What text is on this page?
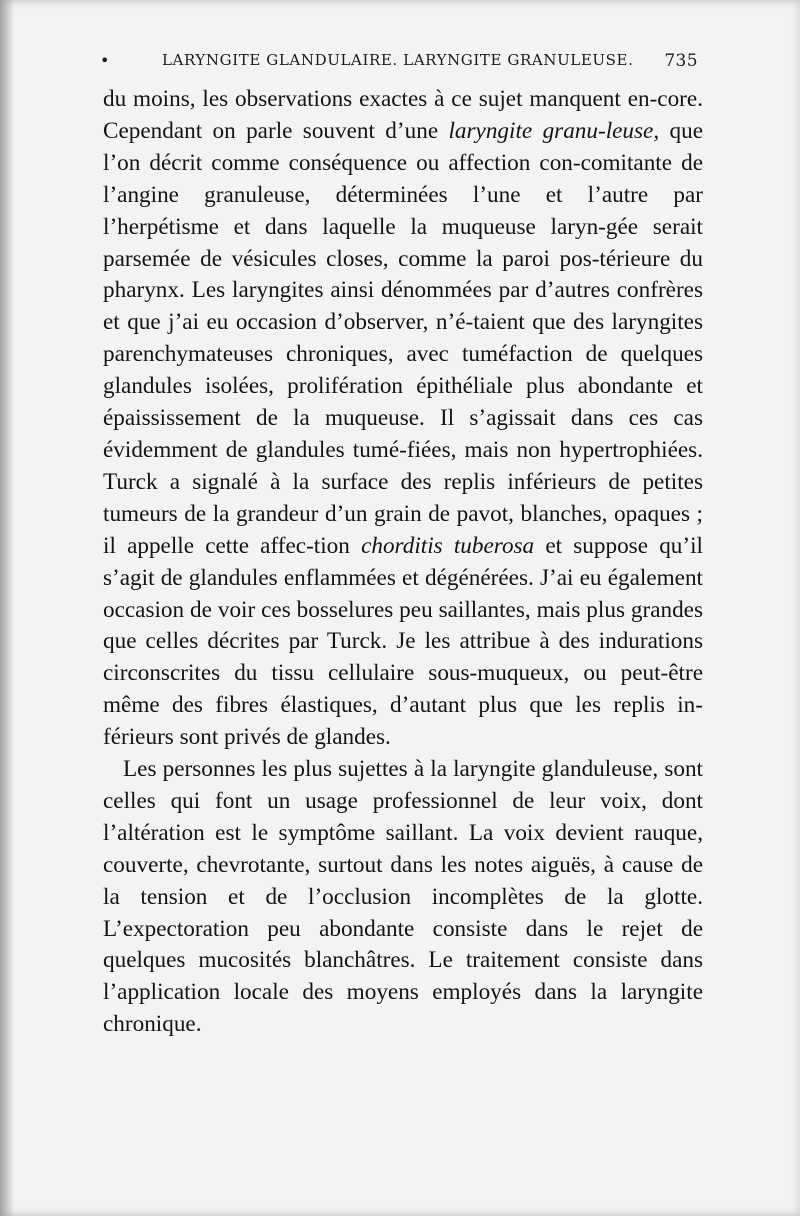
•	LARYNGITE GLANDULAIRE. LARYNGITE GRANULEUSE. 735

du moins, les observations exactes à ce sujet manquent en-core. Cependant on parle souvent d’une laryngite granu-leuse, que l’on décrit comme conséquence ou affection con-comitante de l’angine granuleuse, déterminées l’une et l’autre par l’herpétisme et dans laquelle la muqueuse laryn-gée serait parsemée de vésicules closes, comme la paroi pos-térieure du pharynx. Les laryngites ainsi dénommées par d’autres confrères et que j’ai eu occasion d’observer, n’é-taient que des laryngites parenchymateuses chroniques, avec tuméfaction de quelques glandules isolées, prolifération épithéliale plus abondante et épaississement de la muqueuse. Il s’agissait dans ces cas évidemment de glandules tumé-fiées, mais non hypertrophiées. Turck a signalé à la surface des replis inférieurs de petites tumeurs de la grandeur d’un grain de pavot, blanches, opaques ; il appelle cette affec-tion chorditis tuberosa et suppose qu’il s’agit de glandules enflammées et dégénérées. J’ai eu également occasion de voir ces bosselures peu saillantes, mais plus grandes que celles décrites par Turck. Je les attribue à des indurations circonscrites du tissu cellulaire sous-muqueux, ou peut-être même des fibres élastiques, d’autant plus que les replis in-férieurs sont privés de glandes.

Les personnes les plus sujettes à la laryngite glanduleuse, sont celles qui font un usage professionnel de leur voix, dont l’altération est le symptôme saillant. La voix devient rauque, couverte, chevrotante, surtout dans les notes aiguës, à cause de la tension et de l’occlusion incomplètes de la glotte. L’expectoration peu abondante consiste dans le rejet de quelques mucosités blanchâtres. Le traitement consiste dans l’application locale des moyens employés dans la laryngite chronique.
